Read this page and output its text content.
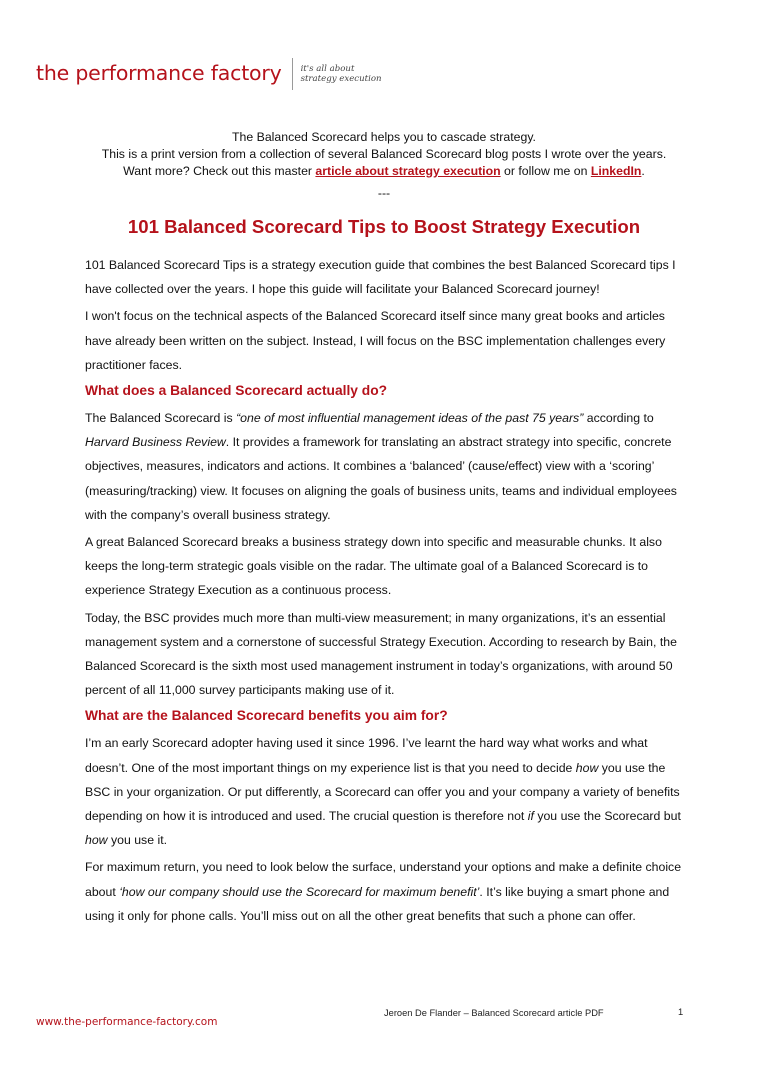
the performance factory it's all about
strategy execution

The Balanced Scorecard helps you to cascade strategy.

This is a print version from a collection of several Balanced Scorecard blog posts I wrote over the years.

Want more? Check out this master article about strategy execution or follow me on LinkedIn.

---

101 Balanced Scorecard Tips to Boost Strategy Execution

101 Balanced Scorecard Tips is a strategy execution guide that combines the best Balanced Scorecard tips I have collected over the years. I hope this guide will facilitate your Balanced Scorecard journey!

I won't focus on the technical aspects of the Balanced Scorecard itself since many great books and articles have already been written on the subject. Instead, I will focus on the BSC implementation challenges every practitioner faces.

What does a Balanced Scorecard actually do?

The Balanced Scorecard is “one of most influential management ideas of the past 75 years” according to Harvard Business Review. It provides a framework for translating an abstract strategy into specific, concrete objectives, measures, indicators and actions. It combines a ‘balanced’ (cause/effect) view with a ‘scoring’ (measuring/tracking) view. It focuses on aligning the goals of business units, teams and individual employees with the company’s overall business strategy.

A great Balanced Scorecard breaks a business strategy down into specific and measurable chunks. It also keeps the long-term strategic goals visible on the radar. The ultimate goal of a Balanced Scorecard is to experience Strategy Execution as a continuous process.

Today, the BSC provides much more than multi-view measurement; in many organizations, it’s an essential management system and a cornerstone of successful Strategy Execution. According to research by Bain, the Balanced Scorecard is the sixth most used management instrument in today’s organizations, with around 50 percent of all 11,000 survey participants making use of it.

What are the Balanced Scorecard benefits you aim for?

I’m an early Scorecard adopter having used it since 1996. I’ve learnt the hard way what works and what doesn’t. One of the most important things on my experience list is that you need to decide how you use the BSC in your organization. Or put differently, a Scorecard can offer you and your company a variety of benefits depending on how it is introduced and used. The crucial question is therefore not if you use the Scorecard but how you use it.

For maximum return, you need to look below the surface, understand your options and make a definite choice about ‘how our company should use the Scorecard for maximum benefit’. It’s like buying a smart phone and using it only for phone calls. You’ll miss out on all the other great benefits that such a phone can offer.

www.the-performance-factory.com
Jeroen De Flander – Balanced Scorecard article PDF	1
